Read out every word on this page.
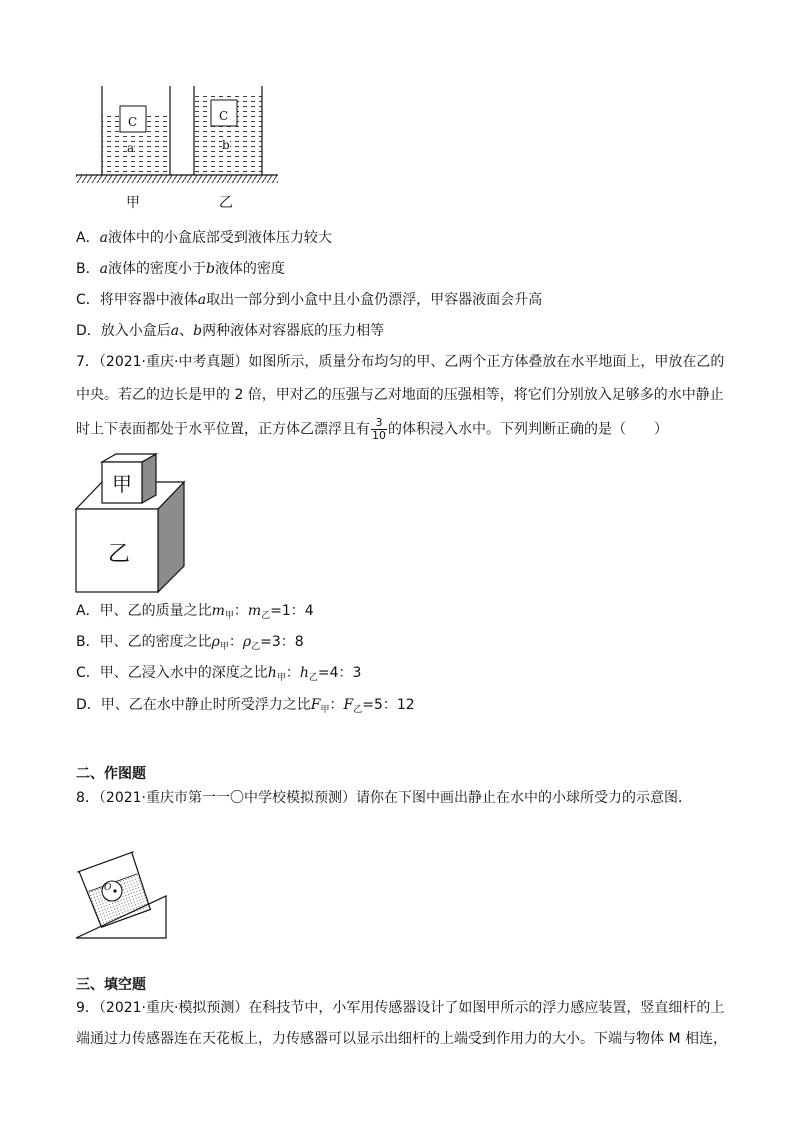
C	C
a	b
甲	乙
A．a液体中的小盒底部受到液体压力较大
B．a液体的密度小于b液体的密度
C．将甲容器中液体a取出一部分到小盒中且小盒仍漂浮，甲容器液面会升高
D．放入小盒后a、b两种液体对容器底的压力相等
7．（2021·重庆·中考真题）如图所示，质量分布均匀的甲、乙两个正方体叠放在水平地面上，甲放在乙的
中央。若乙的边长是甲的 2 倍，甲对乙的压强与乙对地面的压强相等，将它们分别放入足够多的水中静止
时上下表面都处于水平位置，正方体乙漂浮且有 $\frac{3}{10}$ 的体积浸入水中。下列判断正确的是（　　）
甲
乙
A．甲、乙的质量之比$m_甲$：$m_乙=1$：4
B．甲、乙的密度之比$\rho_甲$：$\rho_乙=3$：8
C．甲、乙浸入水中的深度之比$h_甲$：$h_乙=4$：3
D．甲、乙在水中静止时所受浮力之比$F_甲$：$F_乙=5$：12
二、作图题
8．（2021·重庆市第一一〇中学校模拟预测）请你在下图中画出静止在水中的小球所受力的示意图．
O
三、填空题
9．（2021·重庆·模拟预测）在科技节中，小军用传感器设计了如图甲所示的浮力感应装置，竖直细杆的上
端通过力传感器连在天花板上，力传感器可以显示出细杆的上端受到作用力的大小。下端与物体 M 相连，
